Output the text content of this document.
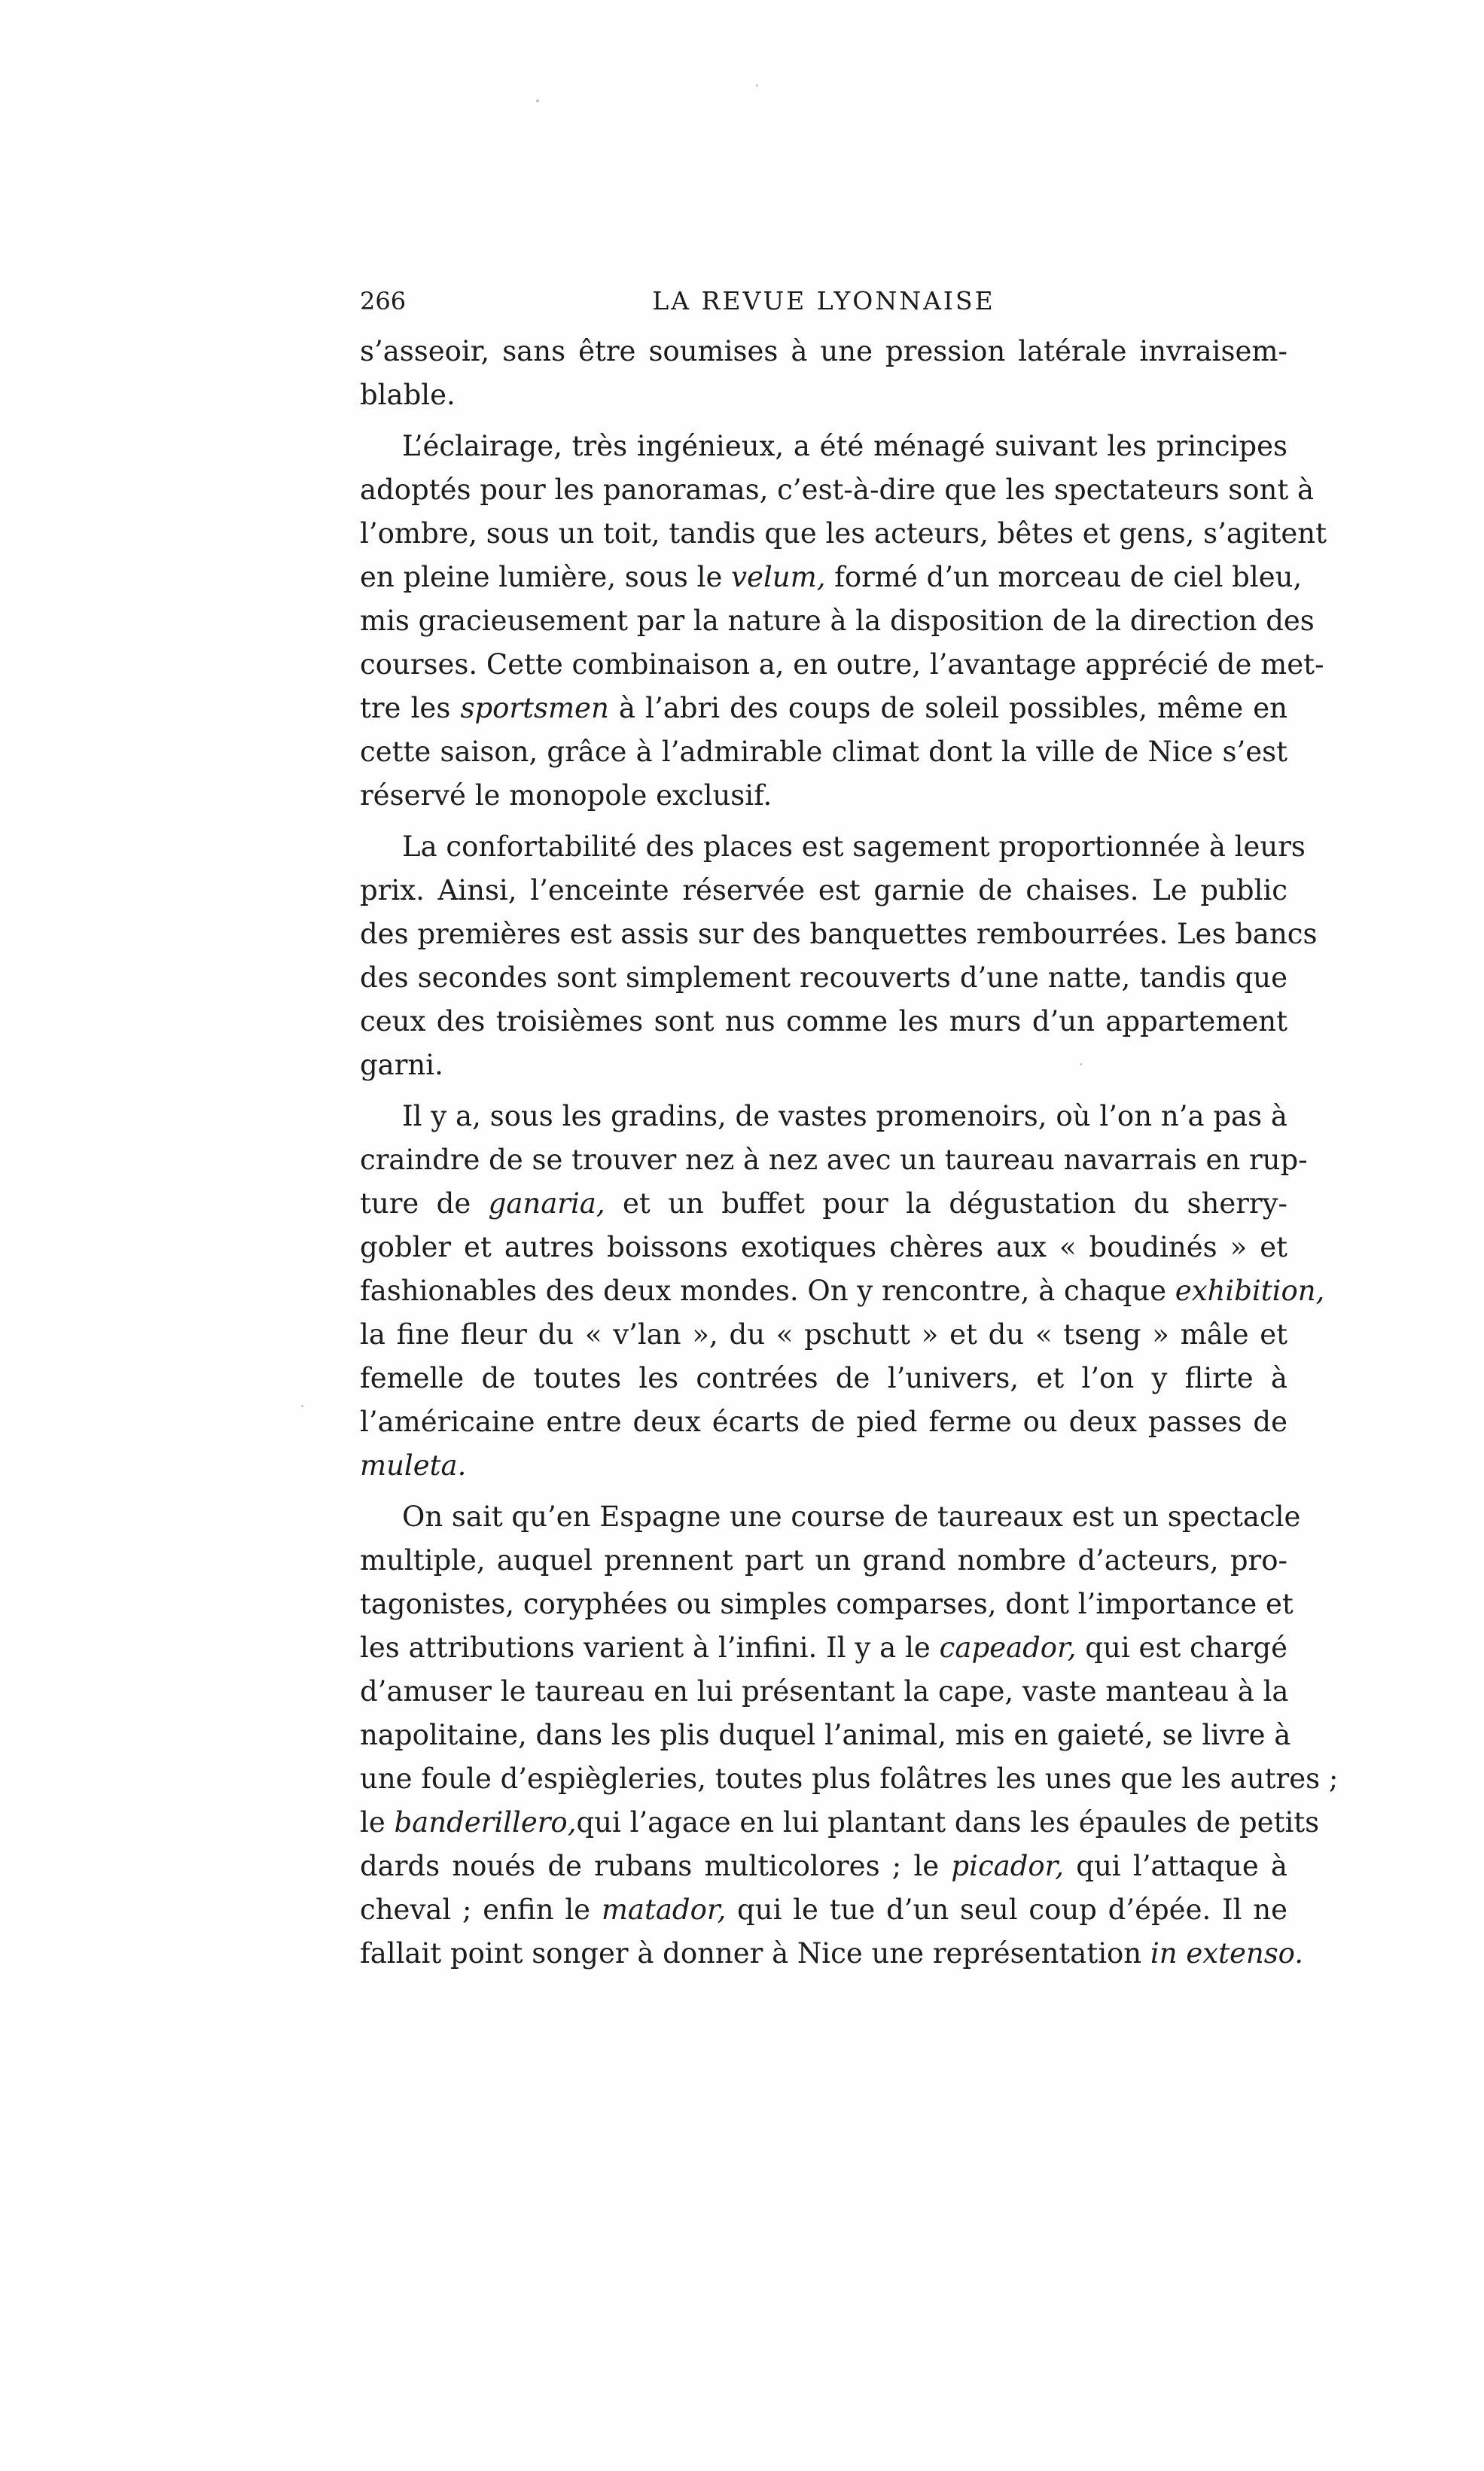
266	LA REVUE LYONNAISE
s’asseoir, sans être soumises à une pression latérale invraisem-
blable.
L’éclairage, très ingénieux, a été ménagé suivant les principes
adoptés pour les panoramas, c’est-à-dire que les spectateurs sont à
l’ombre, sous un toit, tandis que les acteurs, bêtes et gens, s’agitent
en pleine lumière, sous le velum, formé d’un morceau de ciel bleu,
mis gracieusement par la nature à la disposition de la direction des
courses. Cette combinaison a, en outre, l’avantage apprécié de met-
tre les sportsmen à l’abri des coups de soleil possibles, même en
cette saison, grâce à l’admirable climat dont la ville de Nice s’est
réservé le monopole exclusif.
La confortabilité des places est sagement proportionnée à leurs
prix. Ainsi, l’enceinte réservée est garnie de chaises. Le public
des premières est assis sur des banquettes rembourrées. Les bancs
des secondes sont simplement recouverts d’une natte, tandis que
ceux des troisièmes sont nus comme les murs d’un appartement
garni.
Il y a, sous les gradins, de vastes promenoirs, où l’on n’a pas à
craindre de se trouver nez à nez avec un taureau navarrais en rup-
ture de ganaria, et un buffet pour la dégustation du sherry-
gobler et autres boissons exotiques chères aux « boudinés » et
fashionables des deux mondes. On y rencontre, à chaque exhibition,
la fine fleur du « v’lan », du « pschutt » et du « tseng » mâle et
femelle de toutes les contrées de l’univers, et l’on y flirte à
l’américaine entre deux écarts de pied ferme ou deux passes de
muleta.
On sait qu’en Espagne une course de taureaux est un spectacle
multiple, auquel prennent part un grand nombre d’acteurs, pro-
tagonistes, coryphées ou simples comparses, dont l’importance et
les attributions varient à l’infini. Il y a le capeador, qui est chargé
d’amuser le taureau en lui présentant la cape, vaste manteau à la
napolitaine, dans les plis duquel l’animal, mis en gaieté, se livre à
une foule d’espiègleries, toutes plus folâtres les unes que les autres ;
le banderillero,qui l’agace en lui plantant dans les épaules de petits
dards noués de rubans multicolores ; le picador, qui l’attaque à
cheval ; enfin le matador, qui le tue d’un seul coup d’épée. Il ne
fallait point songer à donner à Nice une représentation in extenso.
